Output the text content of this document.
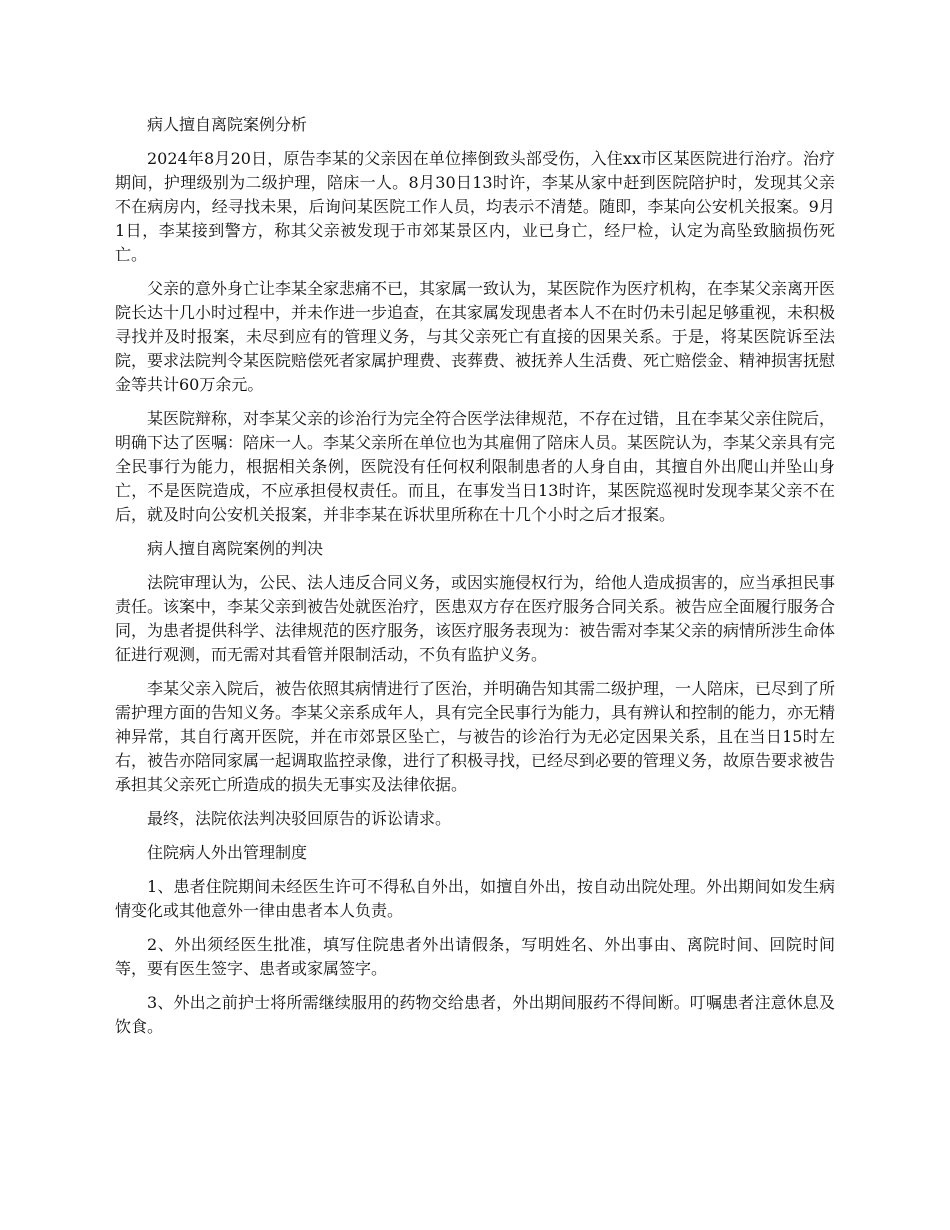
病人擅自离院案例分析

2024年8月20日，原告李某的父亲因在单位摔倒致头部受伤，入住xx市区某医院进行治疗。治疗期间，护理级别为二级护理，陪床一人。8月30日13时许，李某从家中赶到医院陪护时，发现其父亲不在病房内，经寻找未果，后询问某医院工作人员，均表示不清楚。随即，李某向公安机关报案。9月1日，李某接到警方，称其父亲被发现于市郊某景区内，业已身亡，经尸检，认定为高坠致脑损伤死亡。

父亲的意外身亡让李某全家悲痛不已，其家属一致认为，某医院作为医疗机构，在李某父亲离开医院长达十几小时过程中，并未作进一步追查，在其家属发现患者本人不在时仍未引起足够重视，未积极寻找并及时报案，未尽到应有的管理义务，与其父亲死亡有直接的因果关系。于是，将某医院诉至法院，要求法院判令某医院赔偿死者家属护理费、丧葬费、被抚养人生活费、死亡赔偿金、精神损害抚慰金等共计60万余元。

某医院辩称，对李某父亲的诊治行为完全符合医学法律规范，不存在过错，且在李某父亲住院后，明确下达了医嘱：陪床一人。李某父亲所在单位也为其雇佣了陪床人员。某医院认为，李某父亲具有完全民事行为能力，根据相关条例，医院没有任何权利限制患者的人身自由，其擅自外出爬山并坠山身亡，不是医院造成，不应承担侵权责任。而且，在事发当日13时许，某医院巡视时发现李某父亲不在后，就及时向公安机关报案，并非李某在诉状里所称在十几个小时之后才报案。

病人擅自离院案例的判决

法院审理认为，公民、法人违反合同义务，或因实施侵权行为，给他人造成损害的，应当承担民事责任。该案中，李某父亲到被告处就医治疗，医患双方存在医疗服务合同关系。被告应全面履行服务合同，为患者提供科学、法律规范的医疗服务，该医疗服务表现为：被告需对李某父亲的病情所涉生命体征进行观测，而无需对其看管并限制活动，不负有监护义务。

李某父亲入院后，被告依照其病情进行了医治，并明确告知其需二级护理，一人陪床，已尽到了所需护理方面的告知义务。李某父亲系成年人，具有完全民事行为能力，具有辨认和控制的能力，亦无精神异常，其自行离开医院，并在市郊景区坠亡，与被告的诊治行为无必定因果关系，且在当日15时左右，被告亦陪同家属一起调取监控录像，进行了积极寻找，已经尽到必要的管理义务，故原告要求被告承担其父亲死亡所造成的损失无事实及法律依据。

最终，法院依法判决驳回原告的诉讼请求。

住院病人外出管理制度

1、患者住院期间未经医生许可不得私自外出，如擅自外出，按自动出院处理。外出期间如发生病情变化或其他意外一律由患者本人负责。

2、外出须经医生批准，填写住院患者外出请假条，写明姓名、外出事由、离院时间、回院时间等，要有医生签字、患者或家属签字。

3、外出之前护士将所需继续服用的药物交给患者，外出期间服药不得间断。叮嘱患者注意休息及饮食。
